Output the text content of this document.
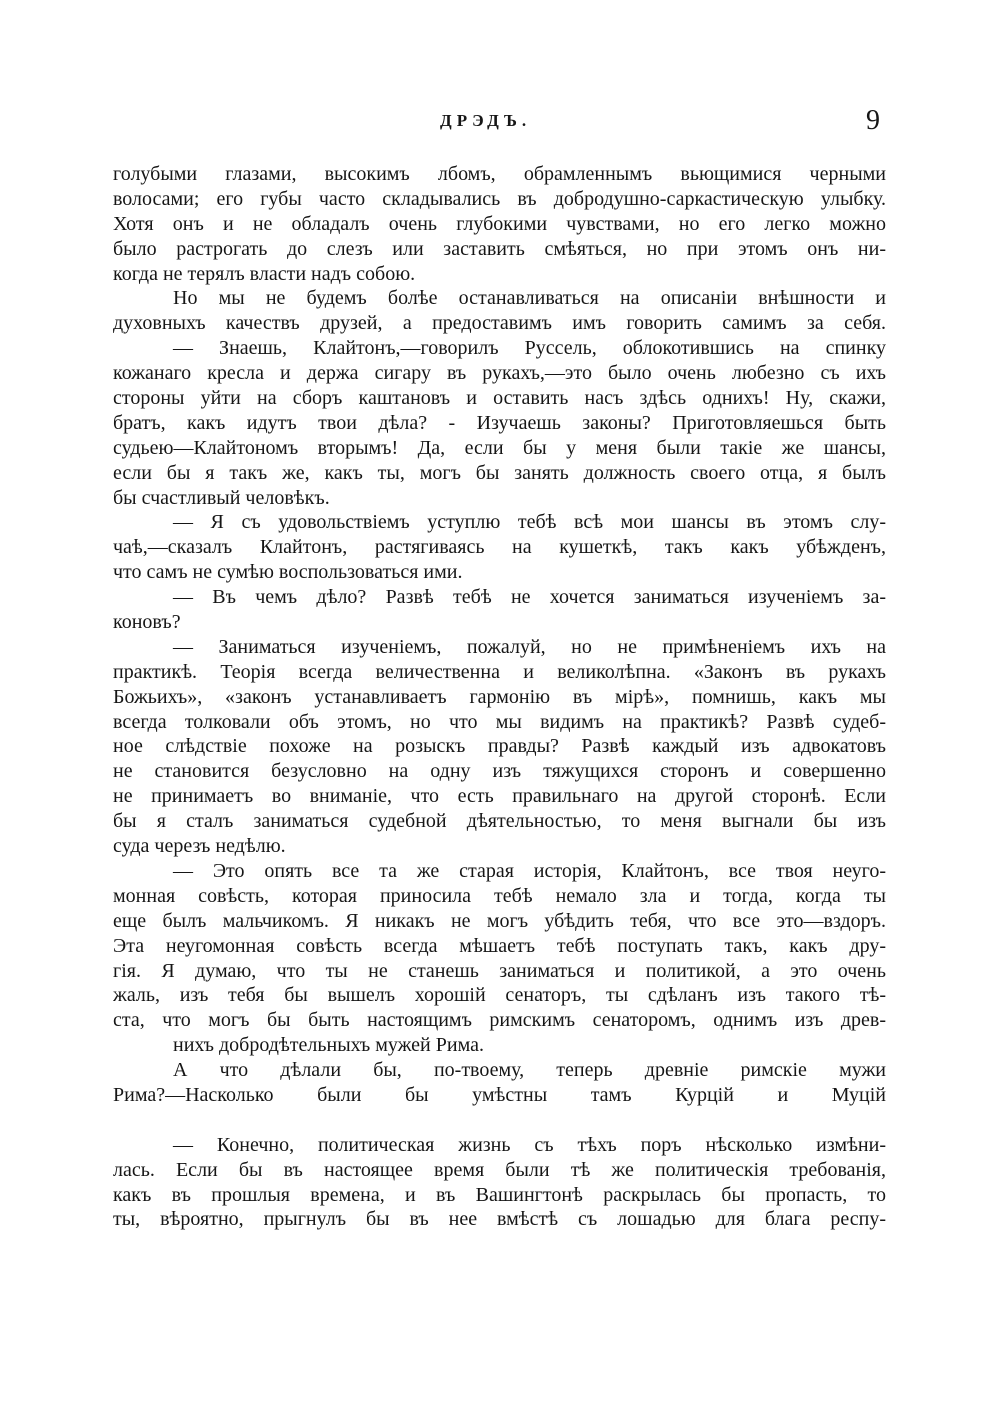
ДРЭДЪ.	9
голубыми глазами, высокимъ лбомъ, обрамленнымъ вьющимися черными
волосами; его губы часто складывались въ добродушно-саркастическую улыбку.
Хотя онъ и не обладалъ очень глубокими чувствами, но его легко можно
было растрогать до слезъ или заставить смѣяться, но при этомъ онъ ни-
когда не терялъ власти надъ собою.
Но мы не будемъ болѣе останавливаться на описаніи внѣшности и
духовныхъ качествъ друзей, а предоставимъ имъ говорить самимъ за себя.
— Знаешь, Клайтонъ,—говорилъ Руссель, облокотившись на спинку
кожанаго кресла и держа сигару въ рукахъ,—это было очень любезно съ ихъ
стороны уйти на сборъ каштановъ и оставить насъ здѣсь однихъ! Ну, скажи,
братъ, какъ идутъ твои дѣла? - Изучаешь законы? Приготовляешься быть
судьею—Клайтономъ вторымъ! Да, если бы у меня были такіе же шансы,
если бы я такъ же, какъ ты, могъ бы занять должность своего отца, я былъ
бы счастливый человѣкъ.
— Я съ удовольствіемъ уступлю тебѣ всѣ мои шансы въ этомъ слу-
чаѣ,—сказалъ Клайтонъ, растягиваясь на кушеткѣ, такъ какъ убѣжденъ,
что самъ не сумѣю воспользоваться ими.
— Въ чемъ дѣло? Развѣ тебѣ не хочется заниматься изученіемъ за-
коновъ?
— Заниматься изученіемъ, пожалуй, но не примѣненіемъ ихъ на
практикѣ. Теорія всегда величественна и великолѣпна. «Законъ въ рукахъ
Божьихъ», «законъ устанавливаетъ гармонію въ мірѣ», помнишь, какъ мы
всегда толковали объ этомъ, но что мы видимъ на практикѣ? Развѣ судеб-
ное слѣдствіе похоже на розыскъ правды? Развѣ каждый изъ адвокатовъ
не становится безусловно на одну изъ тяжущихся сторонъ и совершенно
не принимаетъ во вниманіе, что есть правильнаго на другой сторонѣ. Если
бы я сталъ заниматься судебной дѣятельностью, то меня выгнали бы изъ
суда черезъ недѣлю.
— Это опять все та же старая исторія, Клайтонъ, все твоя неуго-
монная совѣсть, которая приносила тебѣ немало зла и тогда, когда ты
еще былъ мальчикомъ. Я никакъ не могъ убѣдить тебя, что все это—вздоръ.
Эта неугомонная совѣсть всегда мѣшаетъ тебѣ поступать такъ, какъ дру-
гія. Я думаю, что ты не станешь заниматься и политикой, а это очень
жаль, изъ тебя бы вышелъ хорошій сенаторъ, ты сдѣланъ изъ такого тѣ-
ста, что могъ бы быть настоящимъ римскимъ сенаторомъ, однимъ изъ древ-
нихъ добродѣтельныхъ мужей Рима.
А что дѣлали бы, по-твоему, теперь древніе римскіе мужи
Рима?—Насколько были бы умѣстны тамъ Курцій и Муцій
— Конечно, политическая жизнь съ тѣхъ поръ нѣсколько измѣни-
лась. Если бы въ настоящее время были тѣ же политическія требованія,
какъ въ прошлыя времена, и въ Вашингтонѣ раскрылась бы пропасть, то
ты, вѣроятно, прыгнулъ бы въ нее вмѣстѣ съ лошадью для блага респу-
